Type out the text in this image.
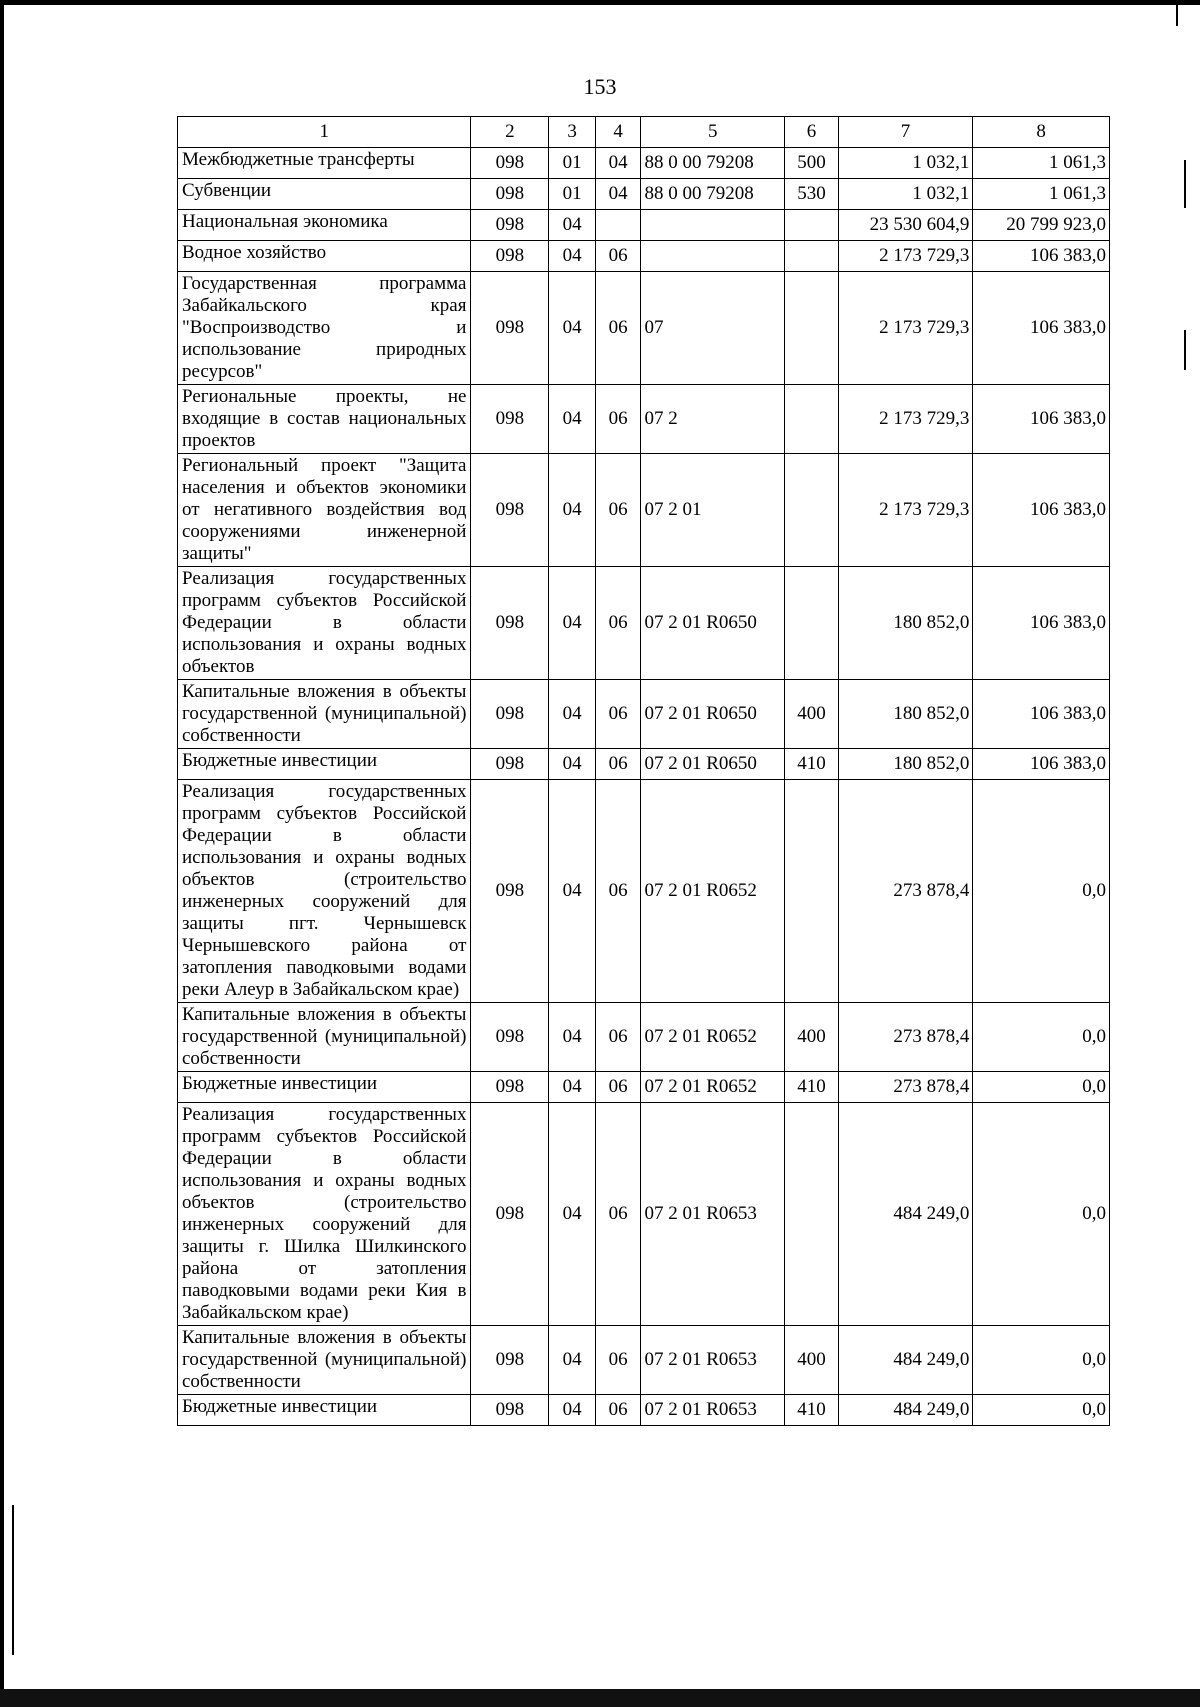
153
1	2	3	4	5	6	7	8
Межбюджетные трансферты	098	01	04	88 0 00 79208	500	1 032,1	1 061,3
Субвенции	098	01	04	88 0 00 79208	530	1 032,1	1 061,3
Национальная экономика	098	04				23 530 604,9	20 799 923,0
Водное хозяйство	098	04	06			2 173 729,3	106 383,0
Государственная программа Забайкальского края "Воспроизводство и использование природных ресурсов"	098	04	06	07		2 173 729,3	106 383,0
Региональные проекты, не входящие в состав национальных проектов	098	04	06	07 2		2 173 729,3	106 383,0
Региональный проект "Защита населения и объектов экономики от негативного воздействия вод сооружениями инженерной защиты"	098	04	06	07 2 01		2 173 729,3	106 383,0
Реализация государственных программ субъектов Российской Федерации в области использования и охраны водных объектов	098	04	06	07 2 01 R0650		180 852,0	106 383,0
Капитальные вложения в объекты государственной (муниципальной) собственности	098	04	06	07 2 01 R0650	400	180 852,0	106 383,0
Бюджетные инвестиции	098	04	06	07 2 01 R0650	410	180 852,0	106 383,0
Реализация государственных программ субъектов Российской Федерации в области использования и охраны водных объектов (строительство инженерных сооружений для защиты пгт. Чернышевск Чернышевского района от затопления паводковыми водами реки Алеур в Забайкальском крае)	098	04	06	07 2 01 R0652		273 878,4	0,0
Капитальные вложения в объекты государственной (муниципальной) собственности	098	04	06	07 2 01 R0652	400	273 878,4	0,0
Бюджетные инвестиции	098	04	06	07 2 01 R0652	410	273 878,4	0,0
Реализация государственных программ субъектов Российской Федерации в области использования и охраны водных объектов (строительство инженерных сооружений для защиты г. Шилка Шилкинского района от затопления паводковыми водами реки Кия в Забайкальском крае)	098	04	06	07 2 01 R0653		484 249,0	0,0
Капитальные вложения в объекты государственной (муниципальной) собственности	098	04	06	07 2 01 R0653	400	484 249,0	0,0
Бюджетные инвестиции	098	04	06	07 2 01 R0653	410	484 249,0	0,0
